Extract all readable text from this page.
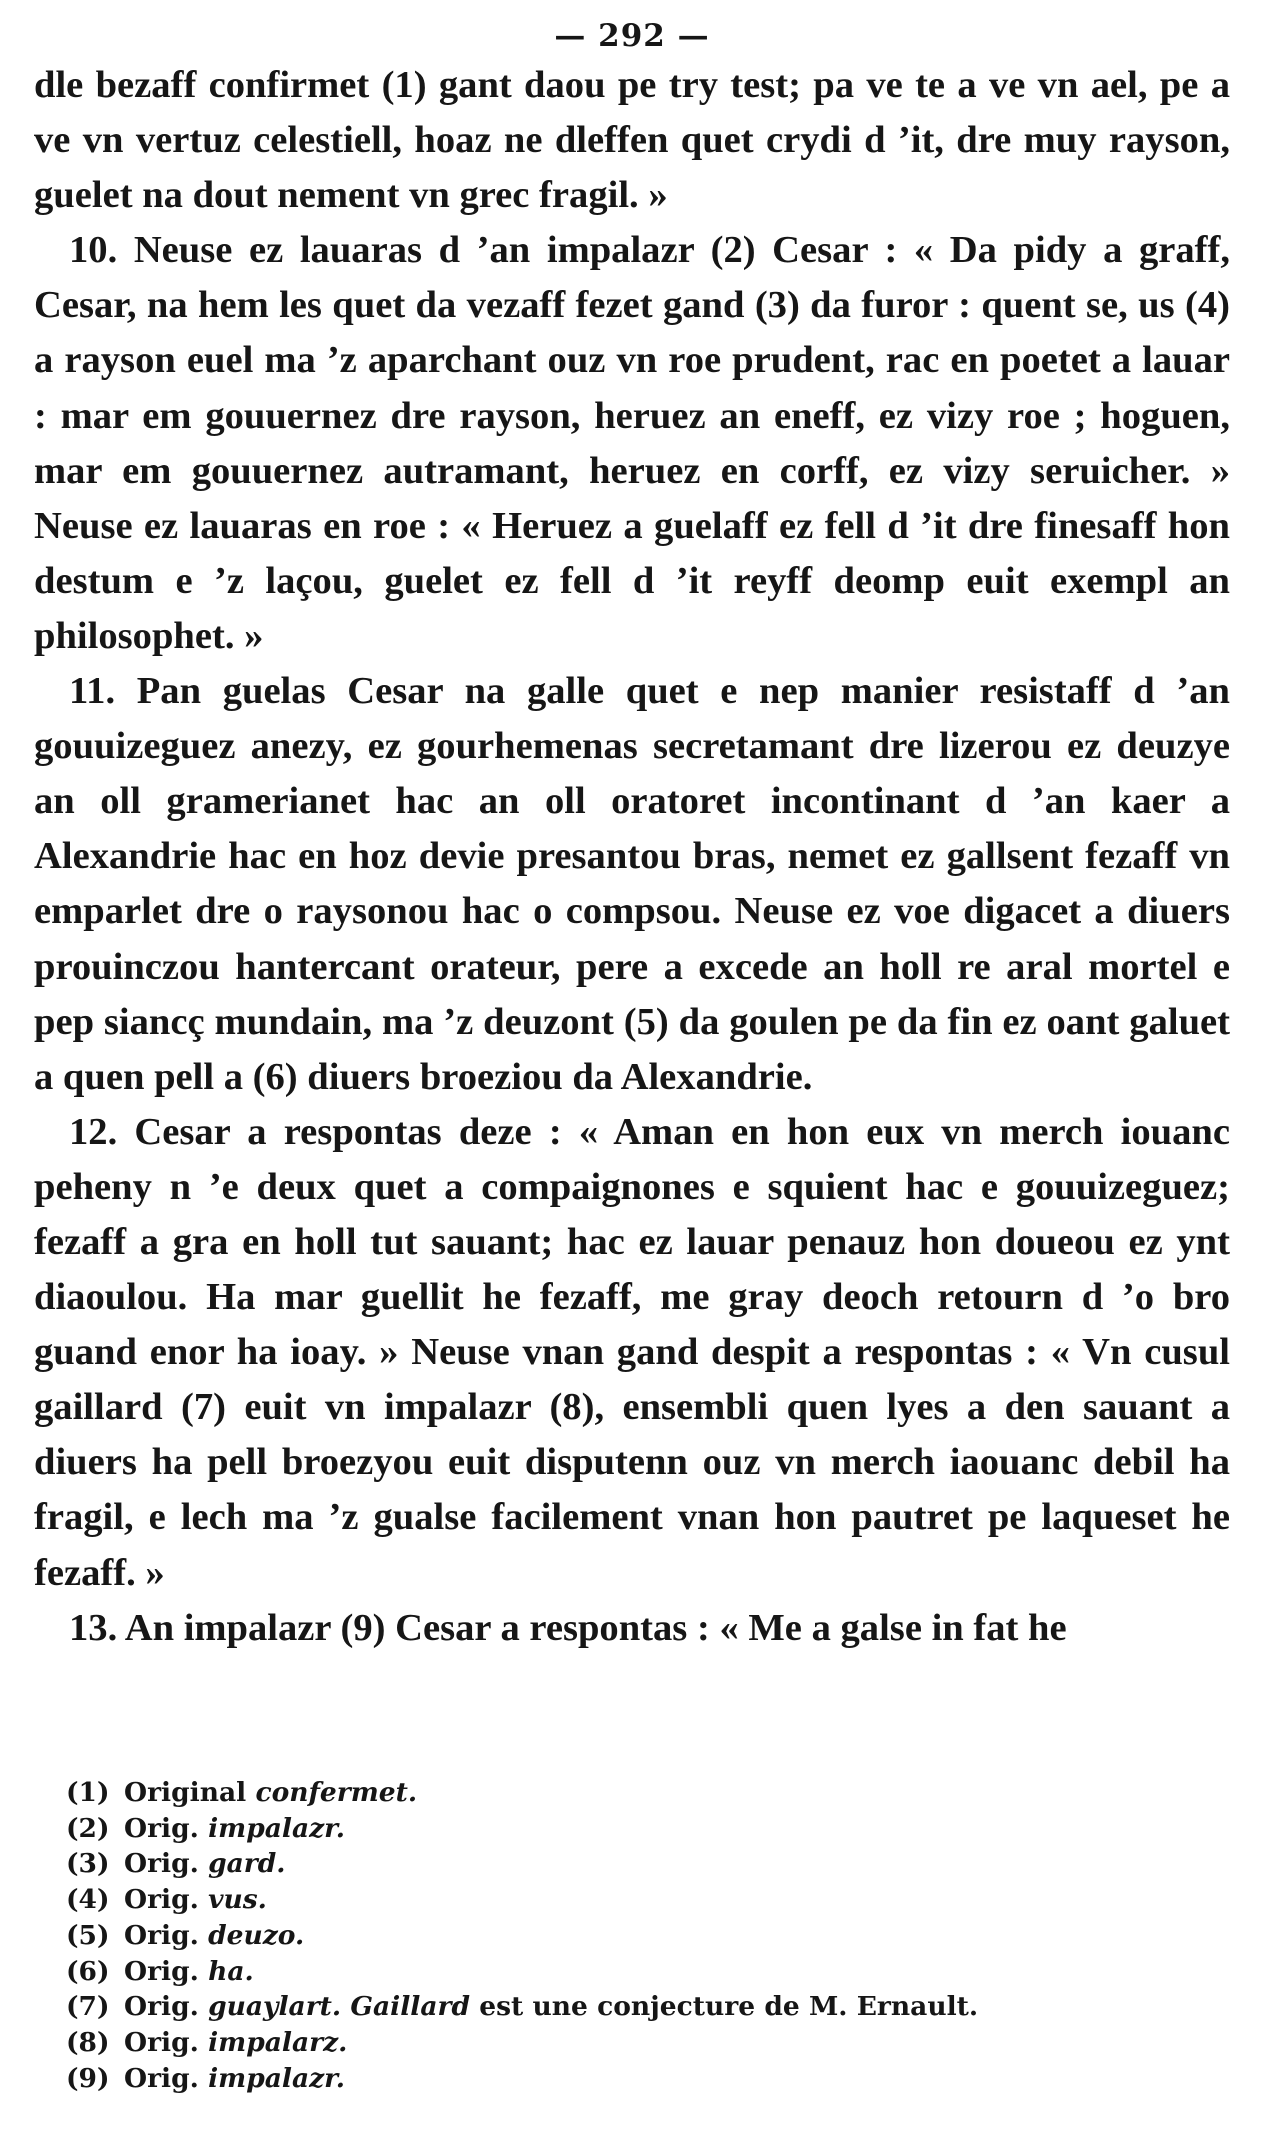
— 292 —

dle bezaff confirmet (1) gant daou pe try test; pa ve te a ve vn ael, pe a ve vn vertuz celestiell, hoaz ne dleffen quet crydi d ’it, dre muy rayson, guelet na dout nement vn grec fragil. »

10. Neuse ez lauaras d ’an impalazr (2) Cesar : « Da pidy a graff, Cesar, na hem les quet da vezaff fezet gand (3) da furor : quent se, us (4) a rayson euel ma ’z aparchant ouz vn roe prudent, rac en poetet a lauar : mar em gouuernez dre rayson, heruez an eneff, ez vizy roe ; hoguen, mar em gouuernez autramant, heruez en corff, ez vizy seruicher. » Neuse ez lauaras en roe : « Heruez a guelaff ez fell d ’it dre finesaff hon destum e ’z laçou, guelet ez fell d ’it reyff deomp euit exempl an philosophet. »

11. Pan guelas Cesar na galle quet e nep manier resistaff d ’an gouuizeguez anezy, ez gourhemenas secretamant dre lizerou ez deuzye an oll gramerianet hac an oll oratoret incontinant d ’an kaer a Alexandrie hac en hoz devie presantou bras, nemet ez gallsent fezaff vn emparlet dre o raysonou hac o compsou. Neuse ez voe digacet a diuers prouinczou hantercant orateur, pere a excede an holl re aral mortel e pep siancç mundain, ma ’z deuzont (5) da goulen pe da fin ez oant galuet a quen pell a (6) diuers broeziou da Alexandrie.

12. Cesar a respontas deze : « Aman en hon eux vn merch iouanc peheny n ’e deux quet a compaignones e squient hac e gouuizeguez; fezaff a gra en holl tut sauant; hac ez lauar penauz hon doueou ez ynt diaoulou. Ha mar guellit he fezaff, me gray deoch retourn d ’o bro guand enor ha ioay. » Neuse vnan gand despit a respontas : « Vn cusul gaillard (7) euit vn impalazr (8), ensembli quen lyes a den sauant a diuers ha pell broezyou euit disputenn ouz vn merch iaouanc debil ha fragil, e lech ma ’z gualse facilement vnan hon pautret pe laqueset he fezaff. »

13. An impalazr (9) Cesar a respontas : « Me a galse in fat he

(1) Original confermet.
(2) Orig. impalazr.
(3) Orig. gard.
(4) Orig. vus.
(5) Orig. deuzo.
(6) Orig. ha.
(7) Orig. guaylart. Gaillard est une conjecture de M. Ernault.
(8) Orig. impalarz.
(9) Orig. impalazr.
